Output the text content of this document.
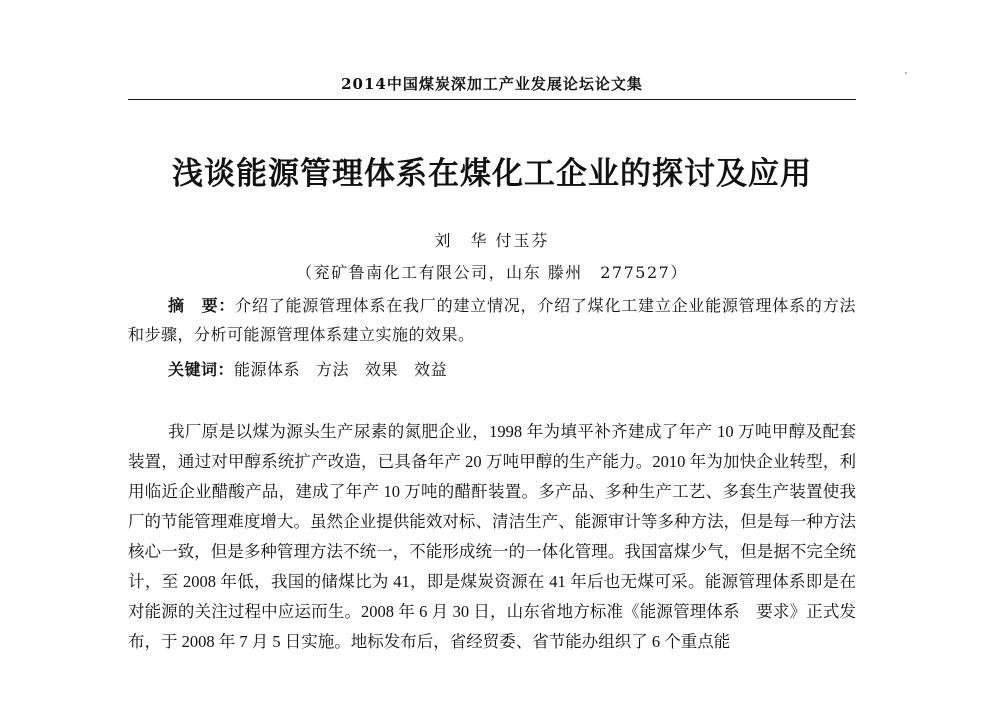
2014中国煤炭深加工产业发展论坛论文集
浅谈能源管理体系在煤化工企业的探讨及应用
刘　华 付玉芬
（兖矿鲁南化工有限公司，山东 滕州　277527）
摘　要：介绍了能源管理体系在我厂的建立情况，介绍了煤化工建立企业能源管理体系的方法和步骤，分析可能源管理体系建立实施的效果。
关键词：能源体系 方法 效果 效益

我厂原是以煤为源头生产尿素的氮肥企业，1998 年为填平补齐建成了年产 10 万吨甲醇及配套装置，通过对甲醇系统扩产改造，已具备年产 20 万吨甲醇的生产能力。2010 年为加快企业转型，利用临近企业醋酸产品，建成了年产 10 万吨的醋酐装置。多产品、多种生产工艺、多套生产装置使我厂的节能管理难度增大。虽然企业提供能效对标、清洁生产、能源审计等多种方法，但是每一种方法核心一致，但是多种管理方法不统一，不能形成统一的一体化管理。我国富煤少气，但是据不完全统计，至 2008 年低，我国的储煤比为 41，即是煤炭资源在 41 年后也无煤可采。能源管理体系即是在对能源的关注过程中应运而生。2008 年 6 月 30 日，山东省地方标准《能源管理体系　要求》正式发布，于 2008 年 7 月 5 日实施。地标发布后，省经贸委、省节能办组织了 6 个重点能
